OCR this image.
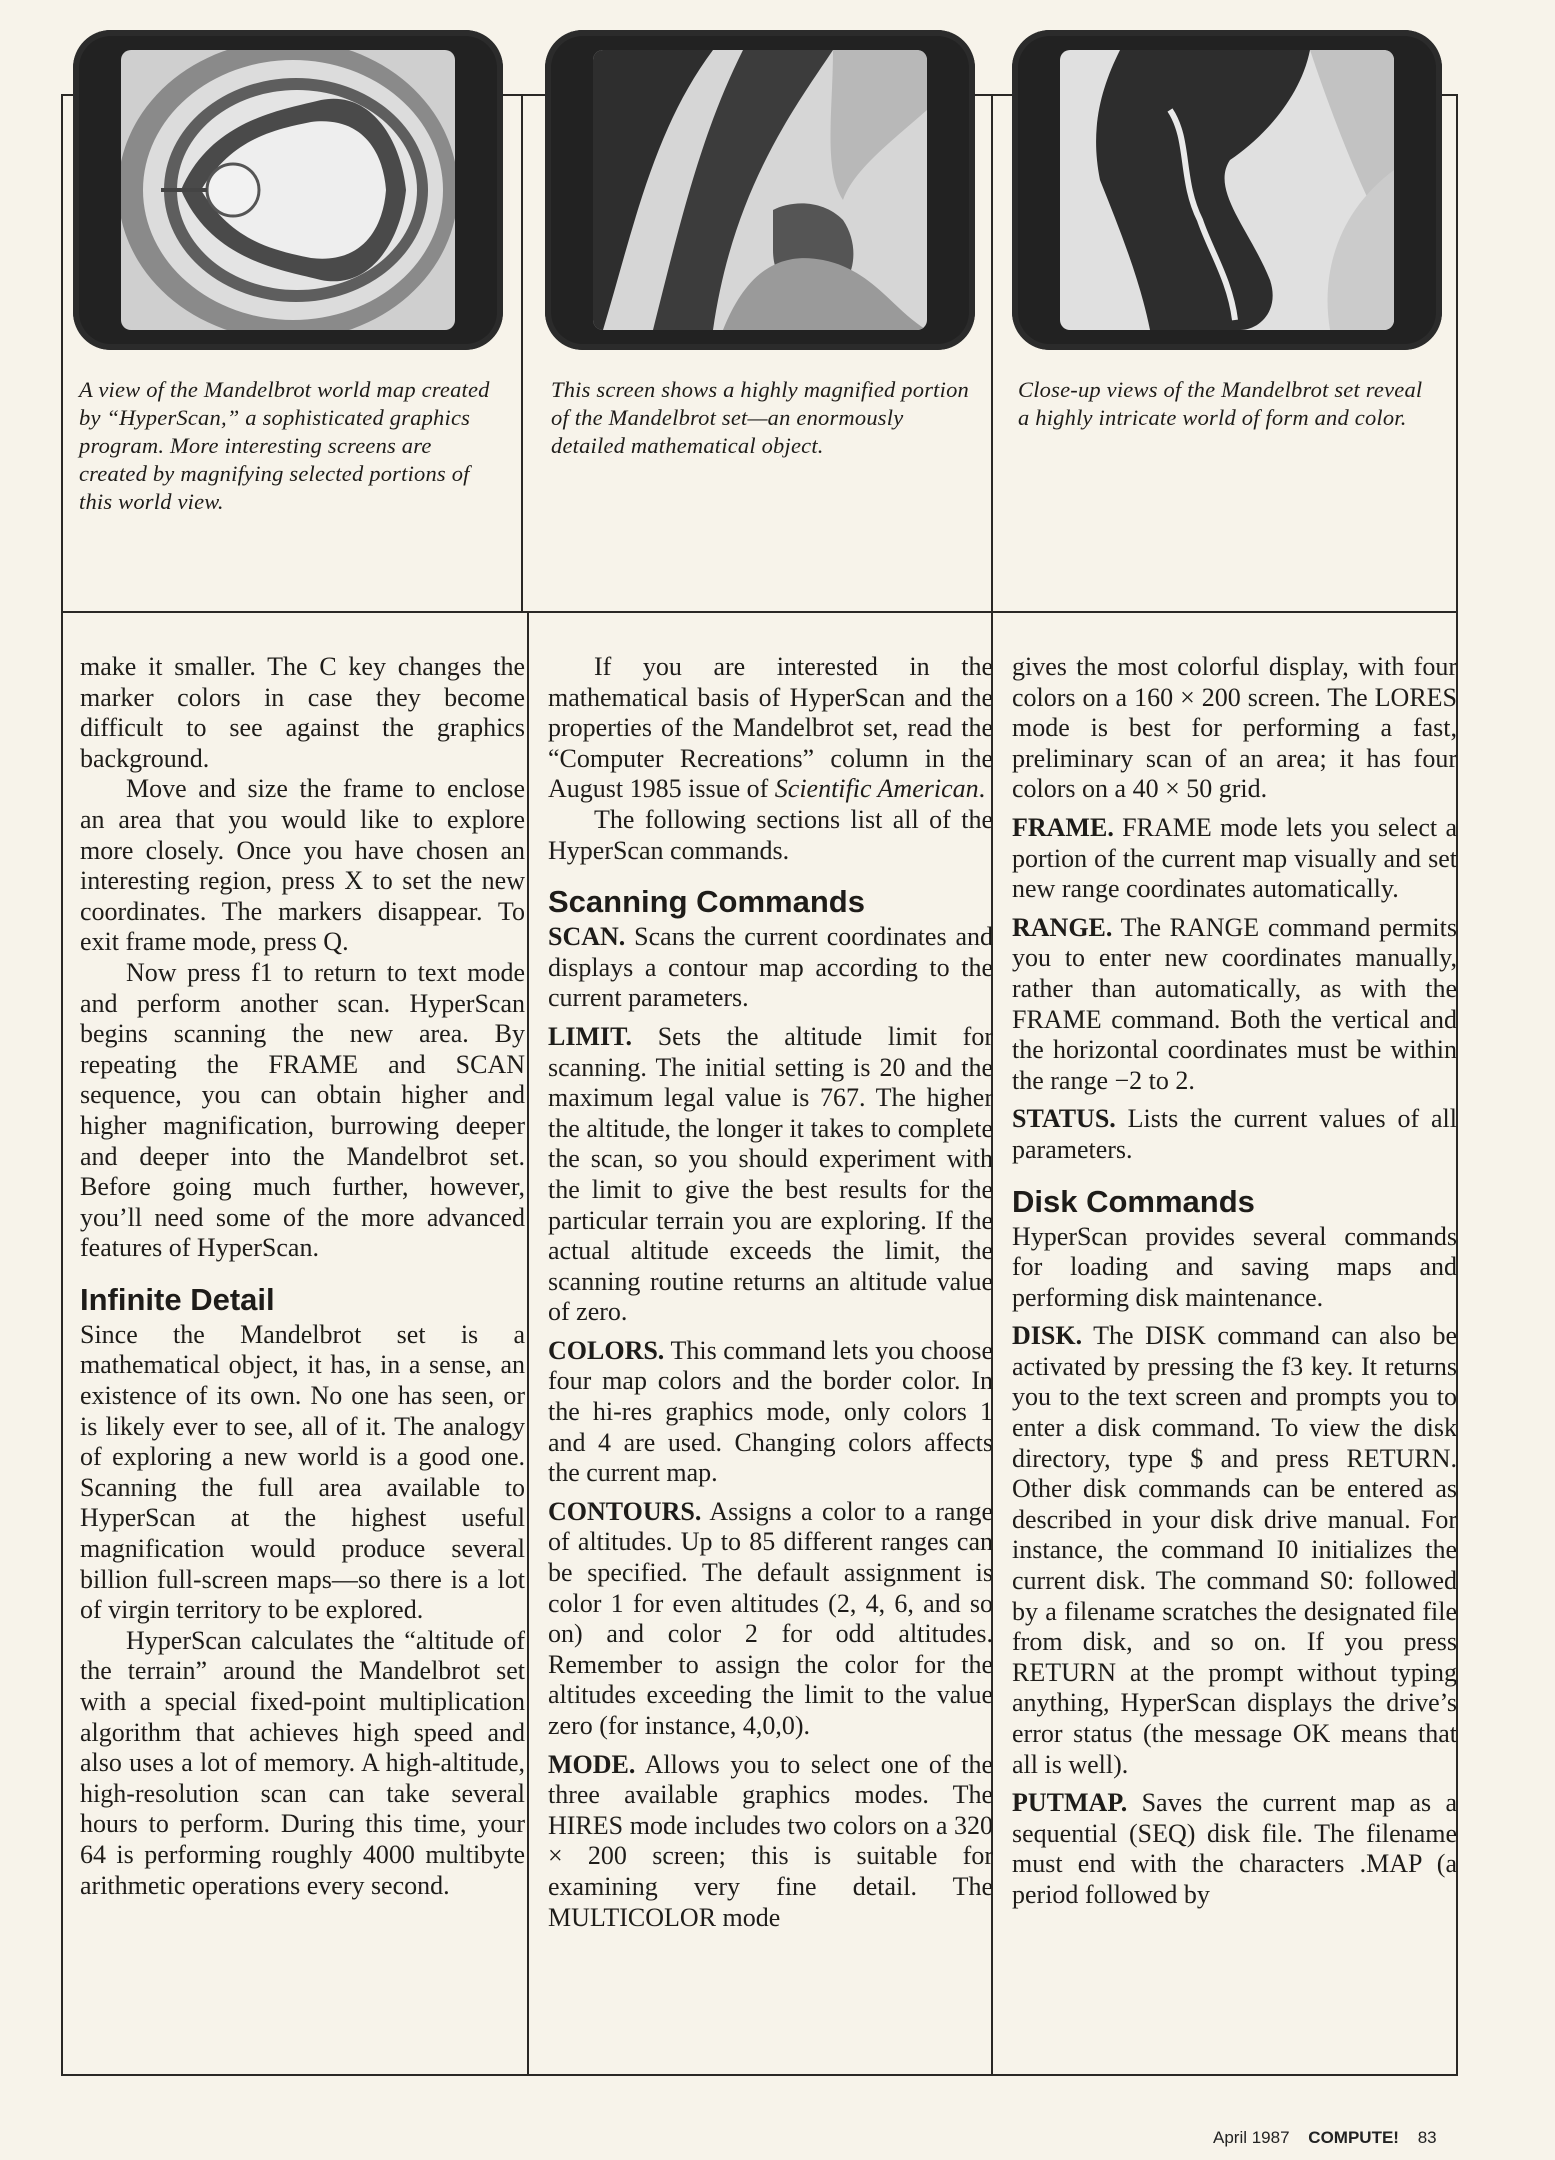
A view of the Mandelbrot world map created by “HyperScan,” a sophisticated graphics program. More interesting screens are created by magnifying selected portions of this world view.
This screen shows a highly magnified portion of the Mandelbrot set—an enormously detailed mathematical object.
Close-up views of the Mandelbrot set reveal a highly intricate world of form and color.

make it smaller. The C key changes the marker colors in case they become difficult to see against the graphics background.

Move and size the frame to enclose an area that you would like to explore more closely. Once you have chosen an interesting region, press X to set the new coordinates. The markers disappear. To exit frame mode, press Q.

Now press f1 to return to text mode and perform another scan. HyperScan begins scanning the new area. By repeating the FRAME and SCAN sequence, you can obtain higher and higher magnification, burrowing deeper and deeper into the Mandelbrot set. Before going much further, however, you’ll need some of the more advanced features of HyperScan.

Infinite Detail

Since the Mandelbrot set is a mathematical object, it has, in a sense, an existence of its own. No one has seen, or is likely ever to see, all of it. The analogy of exploring a new world is a good one. Scanning the full area available to HyperScan at the highest useful magnification would produce several billion full-screen maps—so there is a lot of virgin territory to be explored.

HyperScan calculates the “altitude of the terrain” around the Mandelbrot set with a special fixed-point multiplication algorithm that achieves high speed and also uses a lot of memory. A high-altitude, high-resolution scan can take several hours to perform. During this time, your 64 is performing roughly 4000 multibyte arithmetic operations every second.

If you are interested in the mathematical basis of HyperScan and the properties of the Mandelbrot set, read the “Computer Recreations” column in the August 1985 issue of Scientific American.

The following sections list all of the HyperScan commands.

Scanning Commands

SCAN. Scans the current coordinates and displays a contour map according to the current parameters.

LIMIT. Sets the altitude limit for scanning. The initial setting is 20 and the maximum legal value is 767. The higher the altitude, the longer it takes to complete the scan, so you should experiment with the limit to give the best results for the particular terrain you are exploring. If the actual altitude exceeds the limit, the scanning routine returns an altitude value of zero.

COLORS. This command lets you choose four map colors and the border color. In the hi-res graphics mode, only colors 1 and 4 are used. Changing colors affects the current map.

CONTOURS. Assigns a color to a range of altitudes. Up to 85 different ranges can be specified. The default assignment is color 1 for even altitudes (2, 4, 6, and so on) and color 2 for odd altitudes. Remember to assign the color for the altitudes exceeding the limit to the value zero (for instance, 4,0,0).

MODE. Allows you to select one of the three available graphics modes. The HIRES mode includes two colors on a 320 × 200 screen; this is suitable for examining very fine detail. The MULTICOLOR mode

gives the most colorful display, with four colors on a 160 × 200 screen. The LORES mode is best for performing a fast, preliminary scan of an area; it has four colors on a 40 × 50 grid.

FRAME. FRAME mode lets you select a portion of the current map visually and set new range coordinates automatically.

RANGE. The RANGE command permits you to enter new coordinates manually, rather than automatically, as with the FRAME command. Both the vertical and the horizontal coordinates must be within the range −2 to 2.

STATUS. Lists the current values of all parameters.

Disk Commands

HyperScan provides several commands for loading and saving maps and performing disk maintenance.

DISK. The DISK command can also be activated by pressing the f3 key. It returns you to the text screen and prompts you to enter a disk command. To view the disk directory, type $ and press RETURN. Other disk commands can be entered as described in your disk drive manual. For instance, the command I0 initializes the current disk. The command S0: followed by a filename scratches the designated file from disk, and so on. If you press RETURN at the prompt without typing anything, HyperScan displays the drive’s error status (the message OK means that all is well).

PUTMAP. Saves the current map as a sequential (SEQ) disk file. The filename must end with the characters .MAP (a period followed by

April 1987 COMPUTE! 83
